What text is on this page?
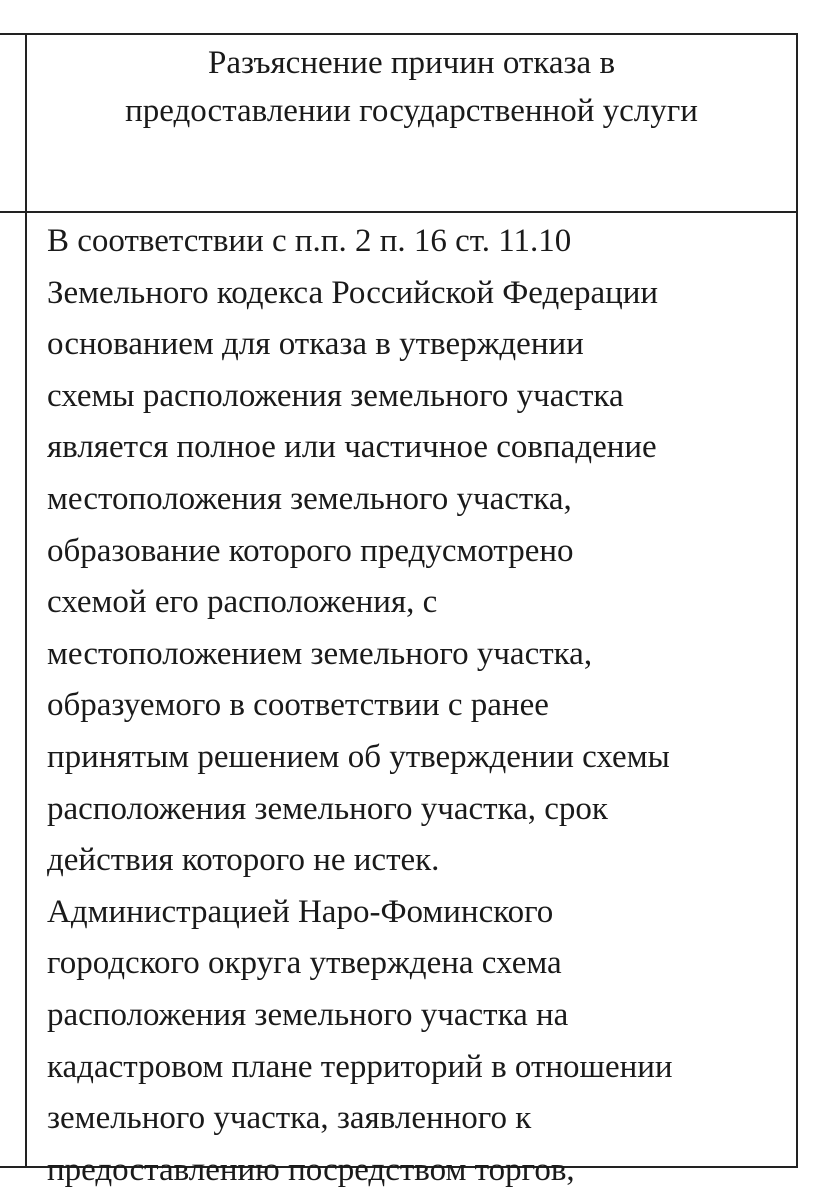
Разъяснение причин отказа в
предоставлении государственной услуги
В соответствии с п.п. 2 п. 16 ст. 11.10
Земельного кодекса Российской Федерации
основанием для отказа в утверждении
схемы расположения земельного участка
является полное или частичное совпадение
местоположения земельного участка,
образование которого предусмотрено
схемой его расположения, с
местоположением земельного участка,
образуемого в соответствии с ранее
принятым решением об утверждении схемы
расположения земельного участка, срок
действия которого не истек.
Администрацией Наро-Фоминского
городского округа утверждена схема
расположения земельного участка на
кадастровом плане территорий в отношении
земельного участка, заявленного к
предоставлению посредством торгов,
